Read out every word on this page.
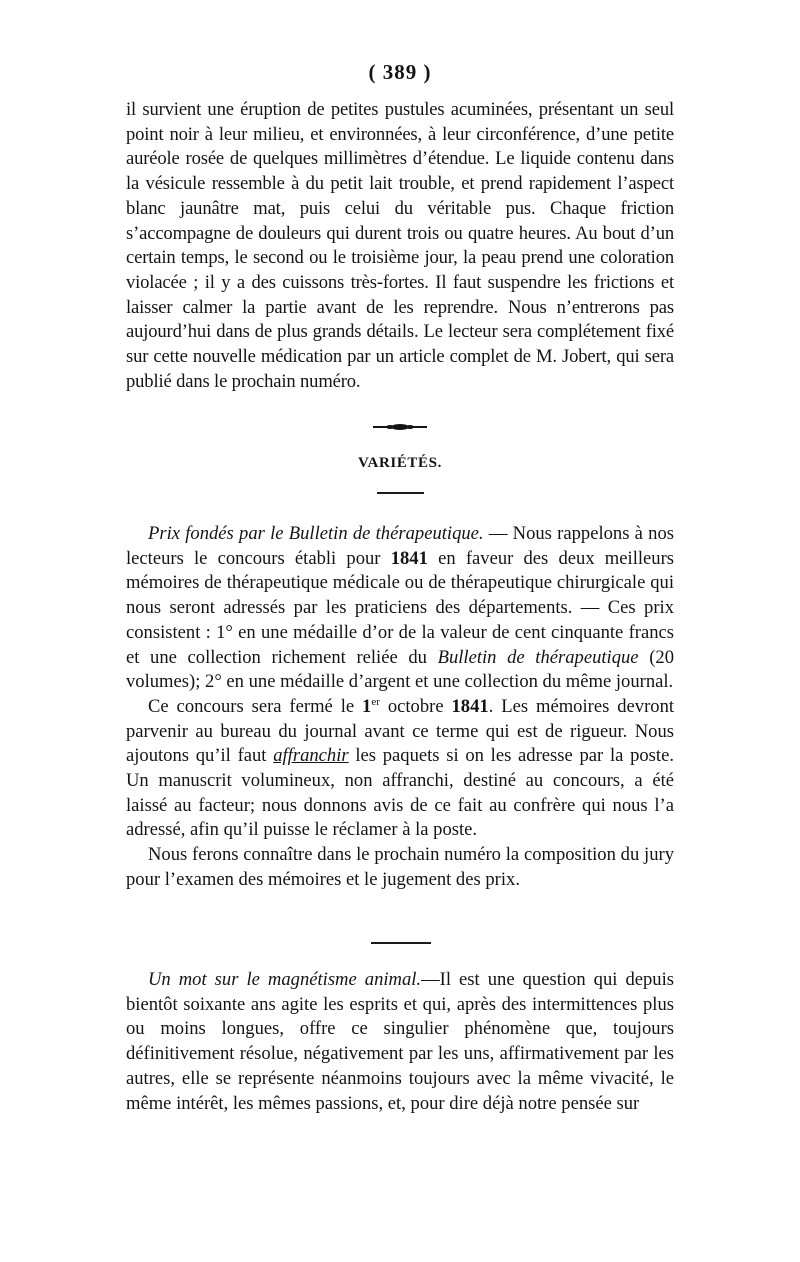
( 389 )

il survient une éruption de petites pustules acuminées, présentant un seul point noir à leur milieu, et environnées, à leur circonférence, d’une petite auréole rosée de quelques millimètres d’étendue. Le liquide contenu dans la vésicule ressemble à du petit lait trouble, et prend rapidement l’aspect blanc jaunâtre mat, puis celui du véritable pus. Chaque friction s’accompagne de douleurs qui durent trois ou quatre heures. Au bout d’un certain temps, le second ou le troisième jour, la peau prend une coloration violacée ; il y a des cuissons très-fortes. Il faut suspendre les frictions et laisser calmer la partie avant de les reprendre. Nous n’entrerons pas aujourd’hui dans de plus grands détails. Le lecteur sera complétement fixé sur cette nouvelle médication par un article complet de M. Jobert, qui sera publié dans le prochain numéro.

VARIÉTÉS.

Prix fondés par le Bulletin de thérapeutique. — Nous rappelons à nos lecteurs le concours établi pour 1841 en faveur des deux meilleurs mémoires de thérapeutique médicale ou de thérapeutique chirurgicale qui nous seront adressés par les praticiens des départements. — Ces prix consistent : 1° en une médaille d’or de la valeur de cent cinquante francs et une collection richement reliée du Bulletin de thérapeutique (20 volumes); 2° en une médaille d’argent et une collection du même journal.

Ce concours sera fermé le 1er octobre 1841. Les mémoires devront parvenir au bureau du journal avant ce terme qui est de rigueur. Nous ajoutons qu’il faut affranchir les paquets si on les adresse par la poste. Un manuscrit volumineux, non affranchi, destiné au concours, a été laissé au facteur; nous donnons avis de ce fait au confrère qui nous l’a adressé, afin qu’il puisse le réclamer à la poste.

Nous ferons connaître dans le prochain numéro la composition du jury pour l’examen des mémoires et le jugement des prix.

Un mot sur le magnétisme animal.—Il est une question qui depuis bientôt soixante ans agite les esprits et qui, après des intermittences plus ou moins longues, offre ce singulier phénomène que, toujours définitivement résolue, négativement par les uns, affirmativement par les autres, elle se représente néanmoins toujours avec la même vivacité, le même intérêt, les mêmes passions, et, pour dire déjà notre pensée sur
